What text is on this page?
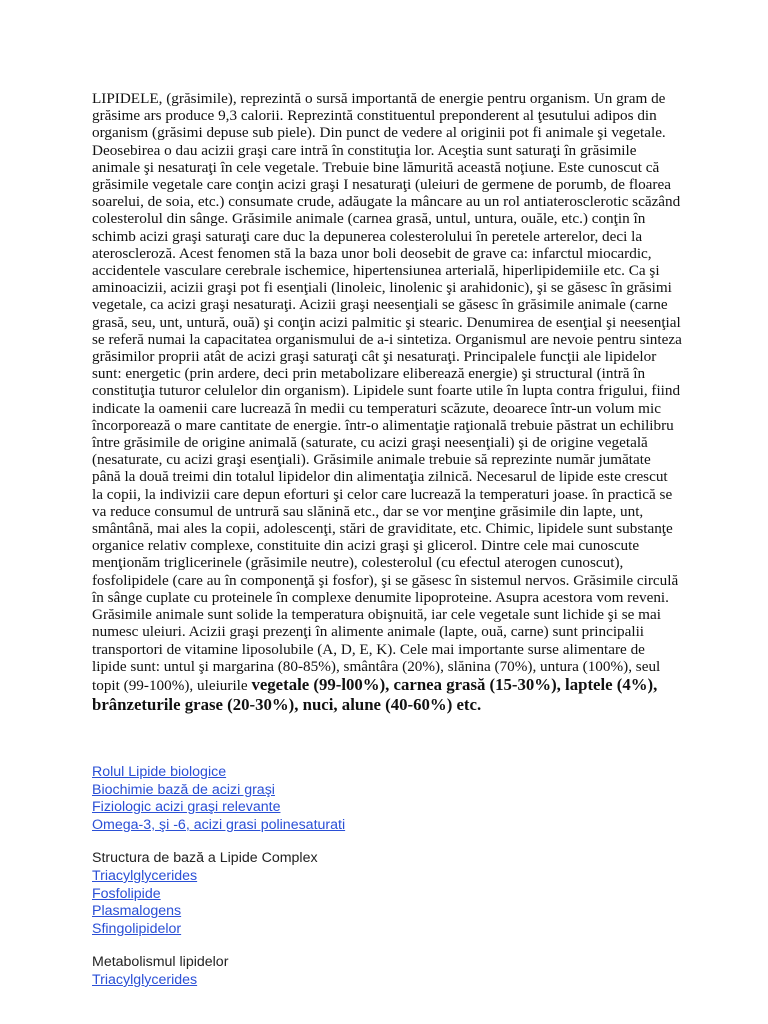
LIPIDELE, (grăsimile), reprezintă o sursă importantă de energie pentru organism. Un gram de grăsime ars produce 9,3 calorii. Reprezintă constituentul preponderent al ţesutului adipos din organism (grăsimi depuse sub piele). Din punct de vedere al originii pot fi animale şi vegetale. Deosebirea o dau acizii graşi care intră în constituţia lor. Aceştia sunt saturaţi în grăsimile animale şi nesaturaţi în cele vegetale. Trebuie bine lămurită această noţiune. Este cunoscut că grăsimile vegetale care conţin acizi graşi I nesaturaţi (uleiuri de germene de porumb, de floarea soarelui, de soia, etc.) consumate crude, adăugate la mâncare au un rol antiaterosclerotic scăzând colesterolul din sânge. Grăsimile animale (carnea grasă, untul, untura, ouăle, etc.) conţin în schimb acizi graşi saturaţi care duc la depunerea colesterolului în peretele arterelor, deci la ateroscleroză. Acest fenomen stă la baza unor boli deosebit de grave ca: infarctul miocardic, accidentele vasculare cerebrale ischemice, hipertensiunea arterială, hiperlipidemiile etc. Ca şi aminoacizii, acizii graşi pot fi esenţiali (linoleic, linolenic şi arahidonic), şi se găsesc în grăsimi vegetale, ca acizi graşi nesaturaţi. Acizii graşi neesenţiali se găsesc în grăsimile animale (carne grasă, seu, unt, untură, ouă) şi conţin acizi palmitic şi stearic. Denumirea de esenţial şi neesenţial se referă numai la capacitatea organismului de a-i sintetiza. Organismul are nevoie pentru sinteza grăsimilor proprii atât de acizi graşi saturaţi cât şi nesaturaţi. Principalele funcţii ale lipidelor sunt: energetic (prin ardere, deci prin metabolizare eliberează energie) şi structural (intră în constituţia tuturor celulelor din organism). Lipidele sunt foarte utile în lupta contra frigului, fiind indicate la oamenii care lucrează în medii cu temperaturi scăzute, deoarece într-un volum mic încorporează o mare cantitate de energie. într-o alimentaţie raţională trebuie păstrat un echilibru între grăsimile de origine animală (saturate, cu acizi graşi neesenţiali) şi de origine vegetală (nesaturate, cu acizi graşi esenţiali). Grăsimile animale trebuie să reprezinte număr jumătate până la două treimi din totalul lipidelor din alimentaţia zilnică. Necesarul de lipide este crescut la copii, la indivizii care depun eforturi şi celor care lucrează la temperaturi joase. în practică se va reduce consumul de untrură sau slănină etc., dar se vor menţine grăsimile din lapte, unt, smântână, mai ales la copii, adolescenţi, stări de graviditate, etc. Chimic, lipidele sunt substanţe organice relativ complexe, constituite din acizi graşi şi glicerol. Dintre cele mai cunoscute menţionăm triglicerinele (grăsimile neutre), colesterolul (cu efectul aterogen cunoscut), fosfolipidele (care au în componenţă şi fosfor), şi se găsesc în sistemul nervos. Grăsimile circulă în sânge cuplate cu proteinele în complexe denumite lipoproteine. Asupra acestora vom reveni. Grăsimile animale sunt solide la temperatura obişnuită, iar cele vegetale sunt lichide şi se mai numesc uleiuri. Acizii graşi prezenţi în alimente animale (lapte, ouă, carne) sunt principalii transportori de vitamine liposolubile (A, D, E, K). Cele mai importante surse alimentare de lipide sunt: untul şi margarina (80-85%), smântâra (20%), slănina (70%), untura (100%), seul topit (99-100%), uleiurile vegetale (99-l00%), carnea grasă (15-30%), laptele (4%), brânzeturile grase (20-30%), nuci, alune (40-60%) etc.

Rolul Lipide biologice
Biochimie bază de acizi graşi
Fiziologic acizi graşi relevante
Omega-3, şi -6, acizi grasi polinesaturati
Structura de bază a Lipide Complex
Triacylglycerides
Fosfolipide
Plasmalogens
Sfingolipidelor
Metabolismul lipidelor
Triacylglycerides
